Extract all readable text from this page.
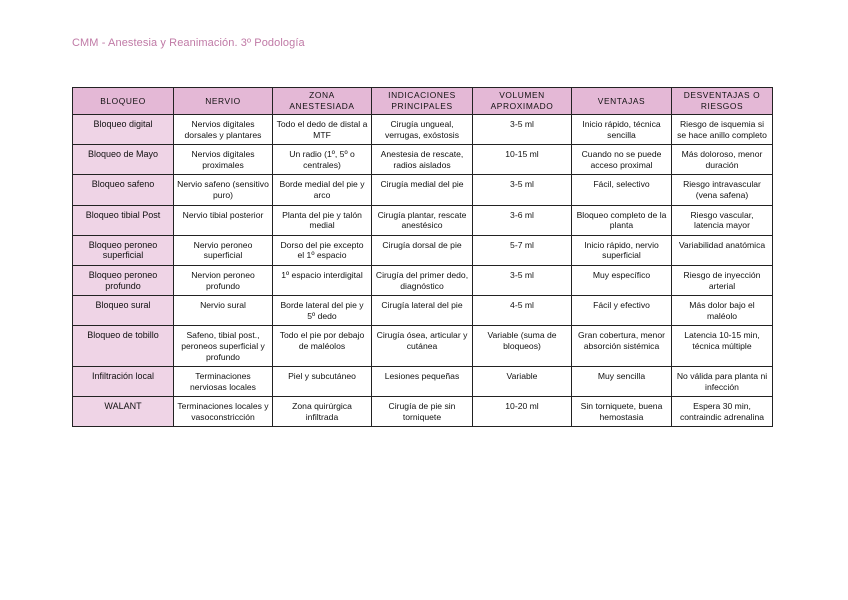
CMM - Anestesia y Reanimación. 3º Podología
BLOQUEO	NERVIO	ZONA ANESTESIADA	INDICACIONES PRINCIPALES	VOLUMEN APROXIMADO	VENTAJAS	DESVENTAJAS O RIESGOS
Bloqueo digital	Nervios digitales dorsales y plantares	Todo el dedo de distal a MTF	Cirugía ungueal, verrugas, exóstosis	3-5 ml	Inicio rápido, técnica sencilla	Riesgo de isquemia si se hace anillo completo
Bloqueo de Mayo	Nervios digitales proximales	Un radio (1º, 5º o centrales)	Anestesia de rescate, radios aislados	10-15 ml	Cuando no se puede acceso proximal	Más doloroso, menor duración
Bloqueo safeno	Nervio safeno (sensitivo puro)	Borde medial del pie y arco	Cirugía medial del pie	3-5 ml	Fácil, selectivo	Riesgo intravascular (vena safena)
Bloqueo tibial Post	Nervio tibial posterior	Planta del pie y talón medial	Cirugía plantar, rescate anestésico	3-6 ml	Bloqueo completo de la planta	Riesgo vascular, latencia mayor
Bloqueo peroneo superficial	Nervio peroneo superficial	Dorso del pie excepto el 1º espacio	Cirugía dorsal de pie	5-7 ml	Inicio rápido, nervio superficial	Variabilidad anatómica
Bloqueo peroneo profundo	Nervion peroneo profundo	1º espacio interdigital	Cirugía del primer dedo, diagnóstico	3-5 ml	Muy específico	Riesgo de inyección arterial
Bloqueo sural	Nervio sural	Borde lateral del pie y 5º dedo	Cirugía lateral del pie	4-5 ml	Fácil y efectivo	Más dolor bajo el maléolo
Bloqueo de tobillo	Safeno, tibial post., peroneos superficial y profundo	Todo el pie por debajo de maléolos	Cirugía ósea, articular y cutánea	Variable (suma de bloqueos)	Gran cobertura, menor absorción sistémica	Latencia 10-15 min, técnica múltiple
Infiltración local	Terminaciones nerviosas locales	Piel y subcutáneo	Lesiones pequeñas	Variable	Muy sencilla	No válida para planta ni infección
WALANT	Terminaciones locales y vasoconstricción	Zona quirúrgica infiltrada	Cirugía de pie sin torniquete	10-20 ml	Sin torniquete, buena hemostasia	Espera 30 min, contraindic adrenalina
